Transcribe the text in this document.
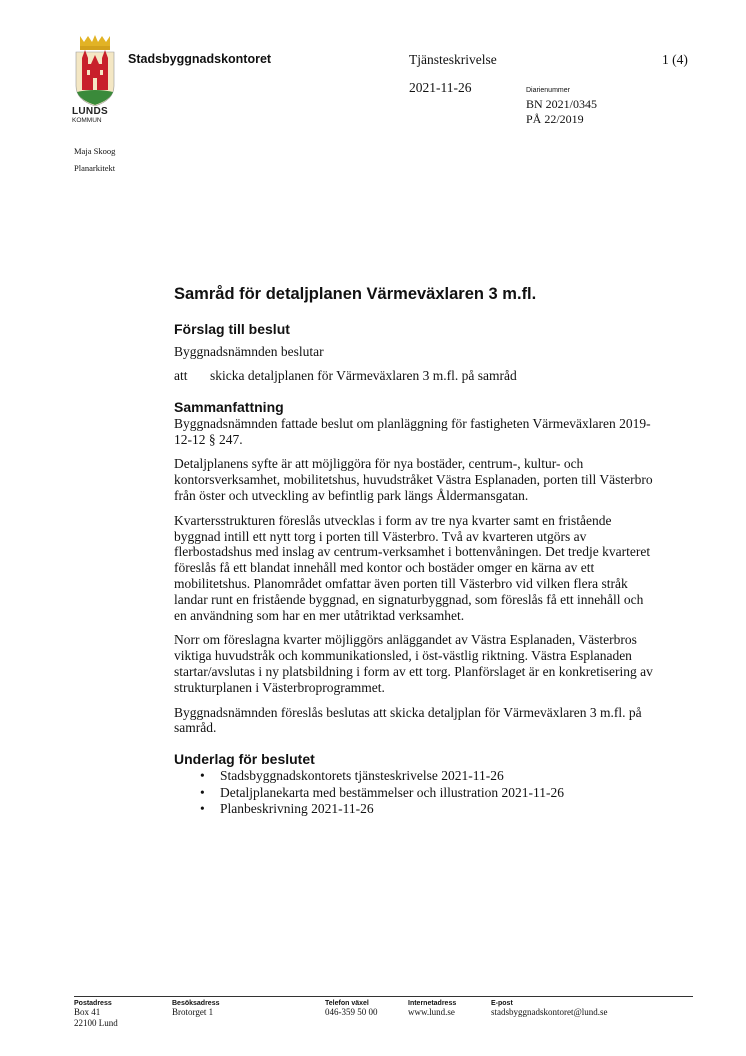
LUNDS
KOMMUN
Stadsbyggnadskontoret	Tjänsteskrivelse	1 (4)
2021-11-26	Diarienummer
BN 2021/0345
PÅ 22/2019
Maja Skoog
Planarkitekt
Samråd för detaljplanen Värmeväxlaren 3 m.fl.
Förslag till beslut

Byggnadsnämnden beslutar

att	skicka detaljplanen för Värmeväxlaren 3 m.fl. på samråd
Sammanfattning

Byggnadsnämnden fattade beslut om planläggning för fastigheten Värmeväxlaren 2019-12-12 § 247.

Detaljplanens syfte är att möjliggöra för nya bostäder, centrum-, kultur- och kontorsverksamhet, mobilitetshus, huvudstråket Västra Esplanaden, porten till Västerbro från öster och utveckling av befintlig park längs Åldermansgatan.

Kvartersstrukturen föreslås utvecklas i form av tre nya kvarter samt en fristående byggnad intill ett nytt torg i porten till Västerbro. Två av kvarteren utgörs av flerbostadshus med inslag av centrum-verksamhet i bottenvåningen. Det tredje kvarteret föreslås få ett blandat innehåll med kontor och bostäder omger en kärna av ett mobilitetshus. Planområdet omfattar även porten till Västerbro vid vilken flera stråk landar runt en fristående byggnad, en signaturbyggnad, som föreslås få ett innehåll och en användning som har en mer utåtriktad verksamhet.

Norr om föreslagna kvarter möjliggörs anläggandet av Västra Esplanaden, Västerbros viktiga huvudstråk och kommunikationsled, i öst-västlig riktning. Västra Esplanaden startar/avslutas i ny platsbildning i form av ett torg. Planförslaget är en konkretisering av strukturplanen i Västerbroprogrammet.

Byggnadsnämnden föreslås beslutas att skicka detaljplan för Värmeväxlaren 3 m.fl. på samråd.

Underlag för beslutet
• Stadsbyggnadskontorets tjänsteskrivelse 2021-11-26
• Detaljplanekarta med bestämmelser och illustration 2021-11-26
• Planbeskrivning 2021-11-26
Postadress
Box 41
22100 Lund
Besöksadress
Brotorget 1
Telefon växel
046-359 50 00
Internetadress
www.lund.se
E-post
stadsbyggnadskontoret@lund.se
